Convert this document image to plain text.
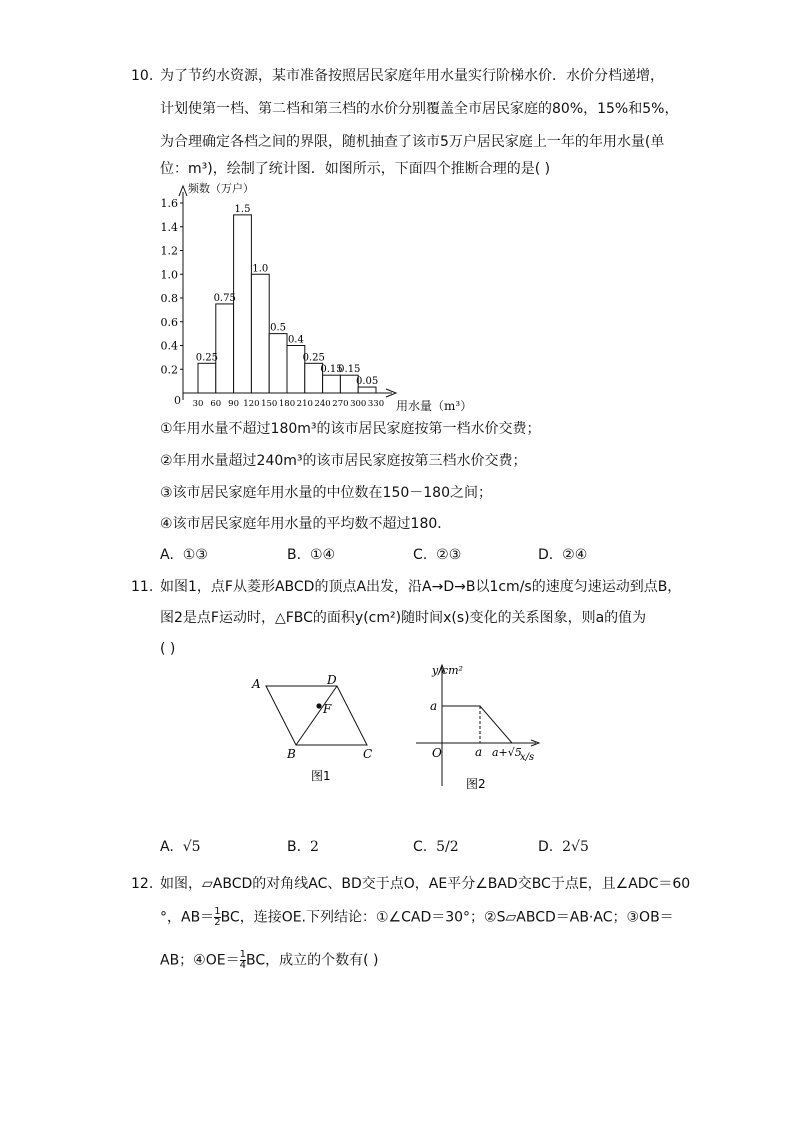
10. 为了节约水资源，某市准备按照居民家庭年用水量实行阶梯水价．水价分档递增，
计划使第一档、第二档和第三档的水价分别覆盖全市居民家庭的80%，15%和5%，
为合理确定各档之间的界限，随机抽查了该市5万户居民家庭上一年的年用水量(单
位：m³)，绘制了统计图．如图所示，下面四个推断合理的是( )
频数（万户）
用水量（m³）
0
0.2
0.4
0.6
0.8
1.0
1.2
1.4
1.6
30 60 90 120 150 180 210 240 270 300 330
0.25
0.75
1.5
1.0
0.5
0.4
0.25
0.15
0.15
0.05
①年用水量不超过180m³的该市居民家庭按第一档水价交费；
②年用水量超过240m³的该市居民家庭按第三档水价交费；
③该市居民家庭年用水量的中位数在150－180之间；
④该市居民家庭年用水量的平均数不超过180．
A. ①③	B. ①④	C. ②③	D. ②④
11. 如图1，点F从菱形ABCD的顶点A出发，沿A→D→B以1cm/s的速度匀速运动到点B，
图2是点F运动时，△FBC的面积y(cm²)随时间x(s)变化的关系图象，则a的值为
( )
A	D
F
B	C
图1
y/cm²
a
O	a a+√5
x/s
图2
A. √5	B. 2	C. 5/2	D. 2√5
12. 如图，▱ABCD的对角线AC、BD交于点O，AE平分∠BAD交BC于点E，且∠ADC＝60
°，$AB= \frac{1}{2}$ BC，连接OE.下列结论：①∠CAD＝30°；②S▱ABCD＝AB·AC；③OB＝
AB；④OE＝ $\frac{1}{4}$ BC，成立的个数有( )
